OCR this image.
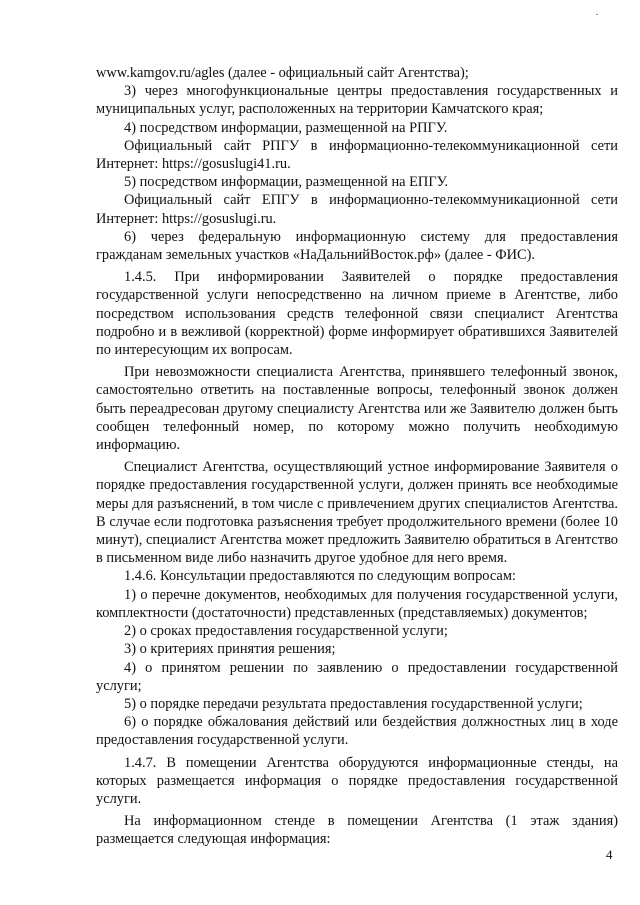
www.kamgov.ru/agles (далее - официальный сайт Агентства);

3) через многофункциональные центры предоставления государственных и муниципальных услуг, расположенных на территории Камчатского края;

4) посредством информации, размещенной на РПГУ.

Официальный сайт РПГУ в информационно-телекоммуникационной сети Интернет: https://gosuslugi41.ru.

5) посредством информации, размещенной на ЕПГУ.

Официальный сайт ЕПГУ в информационно-телекоммуникационной сети Интернет: https://gosuslugi.ru.

6) через федеральную информационную систему для предоставления гражданам земельных участков «НаДальнийВосток.рф» (далее - ФИС).

1.4.5. При информировании Заявителей о порядке предоставления государственной услуги непосредственно на личном приеме в Агентстве, либо посредством использования средств телефонной связи специалист Агентства подробно и в вежливой (корректной) форме информирует обратившихся Заявителей по интересующим их вопросам.

При невозможности специалиста Агентства, принявшего телефонный звонок, самостоятельно ответить на поставленные вопросы, телефонный звонок должен быть переадресован другому специалисту Агентства или же Заявителю должен быть сообщен телефонный номер, по которому можно получить необходимую информацию.

Специалист Агентства, осуществляющий устное информирование Заявителя о порядке предоставления государственной услуги, должен принять все необходимые меры для разъяснений, в том числе с привлечением других специалистов Агентства. В случае если подготовка разъяснения требует продолжительного времени (более 10 минут), специалист Агентства может предложить Заявителю обратиться в Агентство в письменном виде либо назначить другое удобное для него время.

1.4.6. Консультации предоставляются по следующим вопросам:

1) о перечне документов, необходимых для получения государственной услуги, комплектности (достаточности) представленных (представляемых) документов;

2) о сроках предоставления государственной услуги;

3) о критериях принятия решения;

4) о принятом решении по заявлению о предоставлении государственной услуги;

5) о порядке передачи результата предоставления государственной услуги;

6) о порядке обжалования действий или бездействия должностных лиц в ходе предоставления государственной услуги.

1.4.7. В помещении Агентства оборудуются информационные стенды, на которых размещается информация о порядке предоставления государственной услуги.

На информационном стенде в помещении Агентства (1 этаж здания) размещается следующая информация:

4
